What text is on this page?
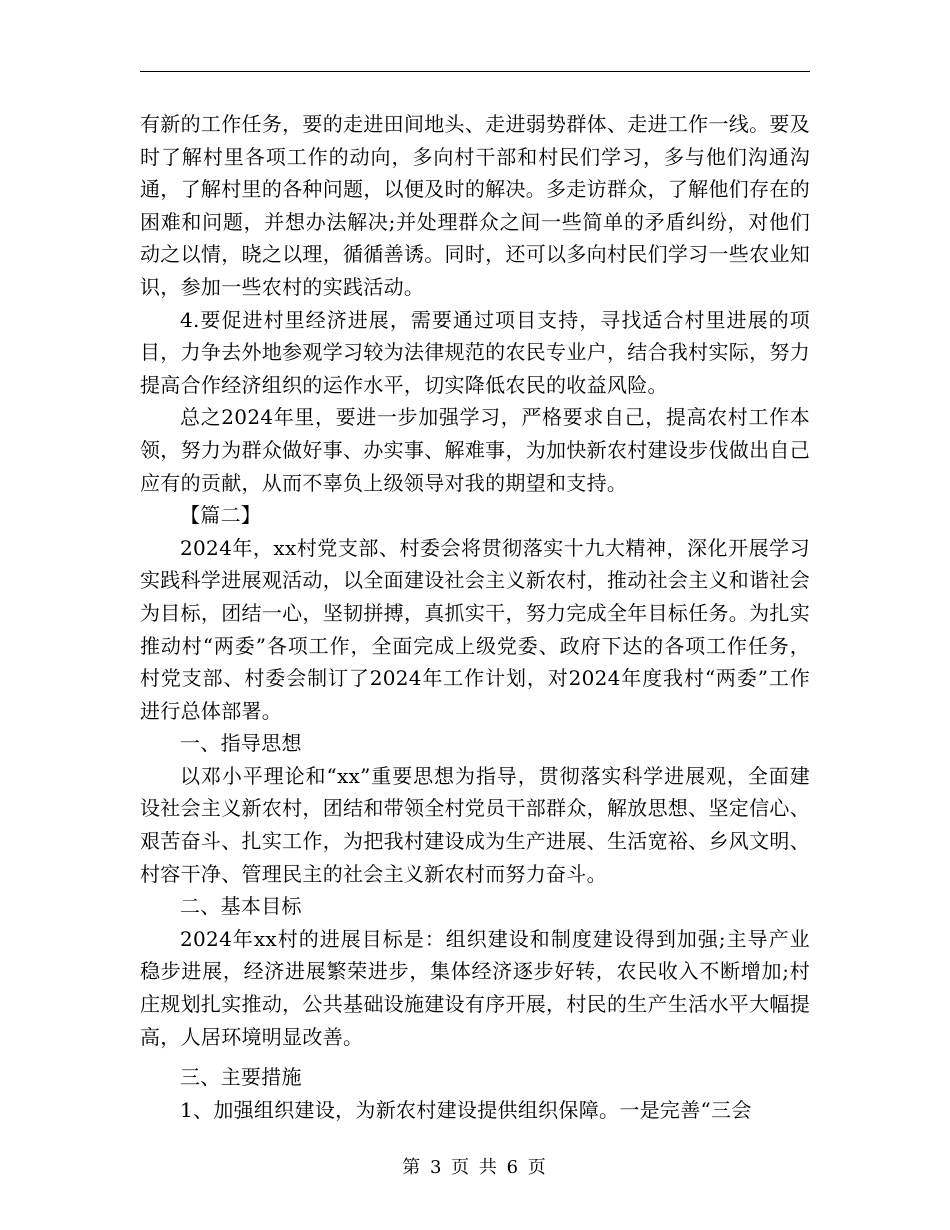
有新的工作任务，要的走进田间地头、走进弱势群体、走进工作一线。要及时了解村里各项工作的动向，多向村干部和村民们学习，多与他们沟通沟通，了解村里的各种问题，以便及时的解决。多走访群众，了解他们存在的困难和问题，并想办法解决;并处理群众之间一些简单的矛盾纠纷，对他们动之以情，晓之以理，循循善诱。同时，还可以多向村民们学习一些农业知识，参加一些农村的实践活动。

4.要促进村里经济进展，需要通过项目支持，寻找适合村里进展的项目，力争去外地参观学习较为法律规范的农民专业户，结合我村实际，努力提高合作经济组织的运作水平，切实降低农民的收益风险。

总之2024年里，要进一步加强学习，严格要求自己，提高农村工作本领，努力为群众做好事、办实事、解难事，为加快新农村建设步伐做出自己应有的贡献，从而不辜负上级领导对我的期望和支持。

【篇二】

2024年，xx村党支部、村委会将贯彻落实十九大精神，深化开展学习实践科学进展观活动，以全面建设社会主义新农村，推动社会主义和谐社会为目标，团结一心，坚韧拼搏，真抓实干，努力完成全年目标任务。为扎实推动村“两委”各项工作，全面完成上级党委、政府下达的各项工作任务，村党支部、村委会制订了2024年工作计划，对2024年度我村“两委”工作进行总体部署。

一、指导思想

以邓小平理论和“xx”重要思想为指导，贯彻落实科学进展观，全面建设社会主义新农村，团结和带领全村党员干部群众，解放思想、坚定信心、艰苦奋斗、扎实工作，为把我村建设成为生产进展、生活宽裕、乡风文明、村容干净、管理民主的社会主义新农村而努力奋斗。

二、基本目标

2024年xx村的进展目标是：组织建设和制度建设得到加强;主导产业稳步进展，经济进展繁荣进步，集体经济逐步好转，农民收入不断增加;村庄规划扎实推动，公共基础设施建设有序开展，村民的生产生活水平大幅提高，人居环境明显改善。

三、主要措施

1、加强组织建设，为新农村建设提供组织保障。一是完善“三会

第 3 页 共 6 页
